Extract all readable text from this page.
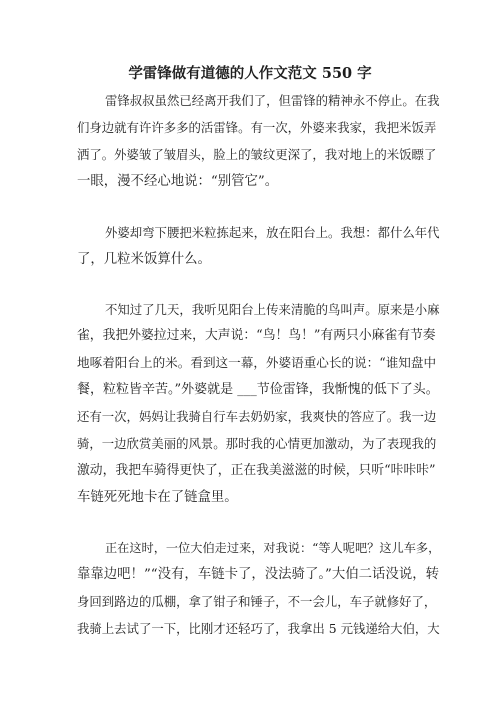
学雷锋做有道德的人作文范文 550 字

雷锋叔叔虽然已经离开我们了，但雷锋的精神永不停止。在我

们身边就有许许多多的活雷锋。有一次，外婆来我家，我把米饭弄

洒了。外婆皱了皱眉头，脸上的皱纹更深了，我对地上的米饭瞟了

一眼，漫不经心地说：“别管它”。

外婆却弯下腰把米粒拣起来，放在阳台上。我想：都什么年代

了，几粒米饭算什么。

不知过了几天，我听见阳台上传来清脆的鸟叫声。原来是小麻

雀，我把外婆拉过来，大声说：“鸟！鸟！”有两只小麻雀有节奏

地啄着阳台上的米。看到这一幕，外婆语重心长的说：“谁知盘中

餐，粒粒皆辛苦。”外婆就是 ___节俭雷锋，我惭愧的低下了头。

还有一次，妈妈让我骑自行车去奶奶家，我爽快的答应了。我一边

骑，一边欣赏美丽的风景。那时我的心情更加激动，为了表现我的

激动，我把车骑得更快了，正在我美滋滋的时候，只听“咔咔咔”

车链死死地卡在了链盒里。

正在这时，一位大伯走过来，对我说：“等人呢吧？这儿车多，

靠靠边吧！”“没有，车链卡了，没法骑了。”大伯二话没说，转

身回到路边的瓜棚，拿了钳子和锤子，不一会儿，车子就修好了，

我骑上去试了一下，比刚才还轻巧了，我拿出 5 元钱递给大伯，大
